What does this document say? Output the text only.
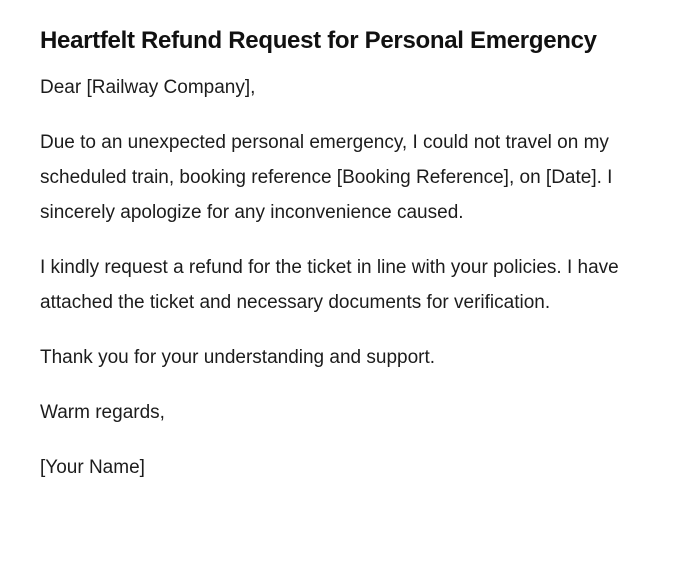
Heartfelt Refund Request for Personal Emergency

Dear [Railway Company],

Due to an unexpected personal emergency, I could not travel on my scheduled train, booking reference [Booking Reference], on [Date]. I sincerely apologize for any inconvenience caused.

I kindly request a refund for the ticket in line with your policies. I have attached the ticket and necessary documents for verification.

Thank you for your understanding and support.

Warm regards,

[Your Name]
